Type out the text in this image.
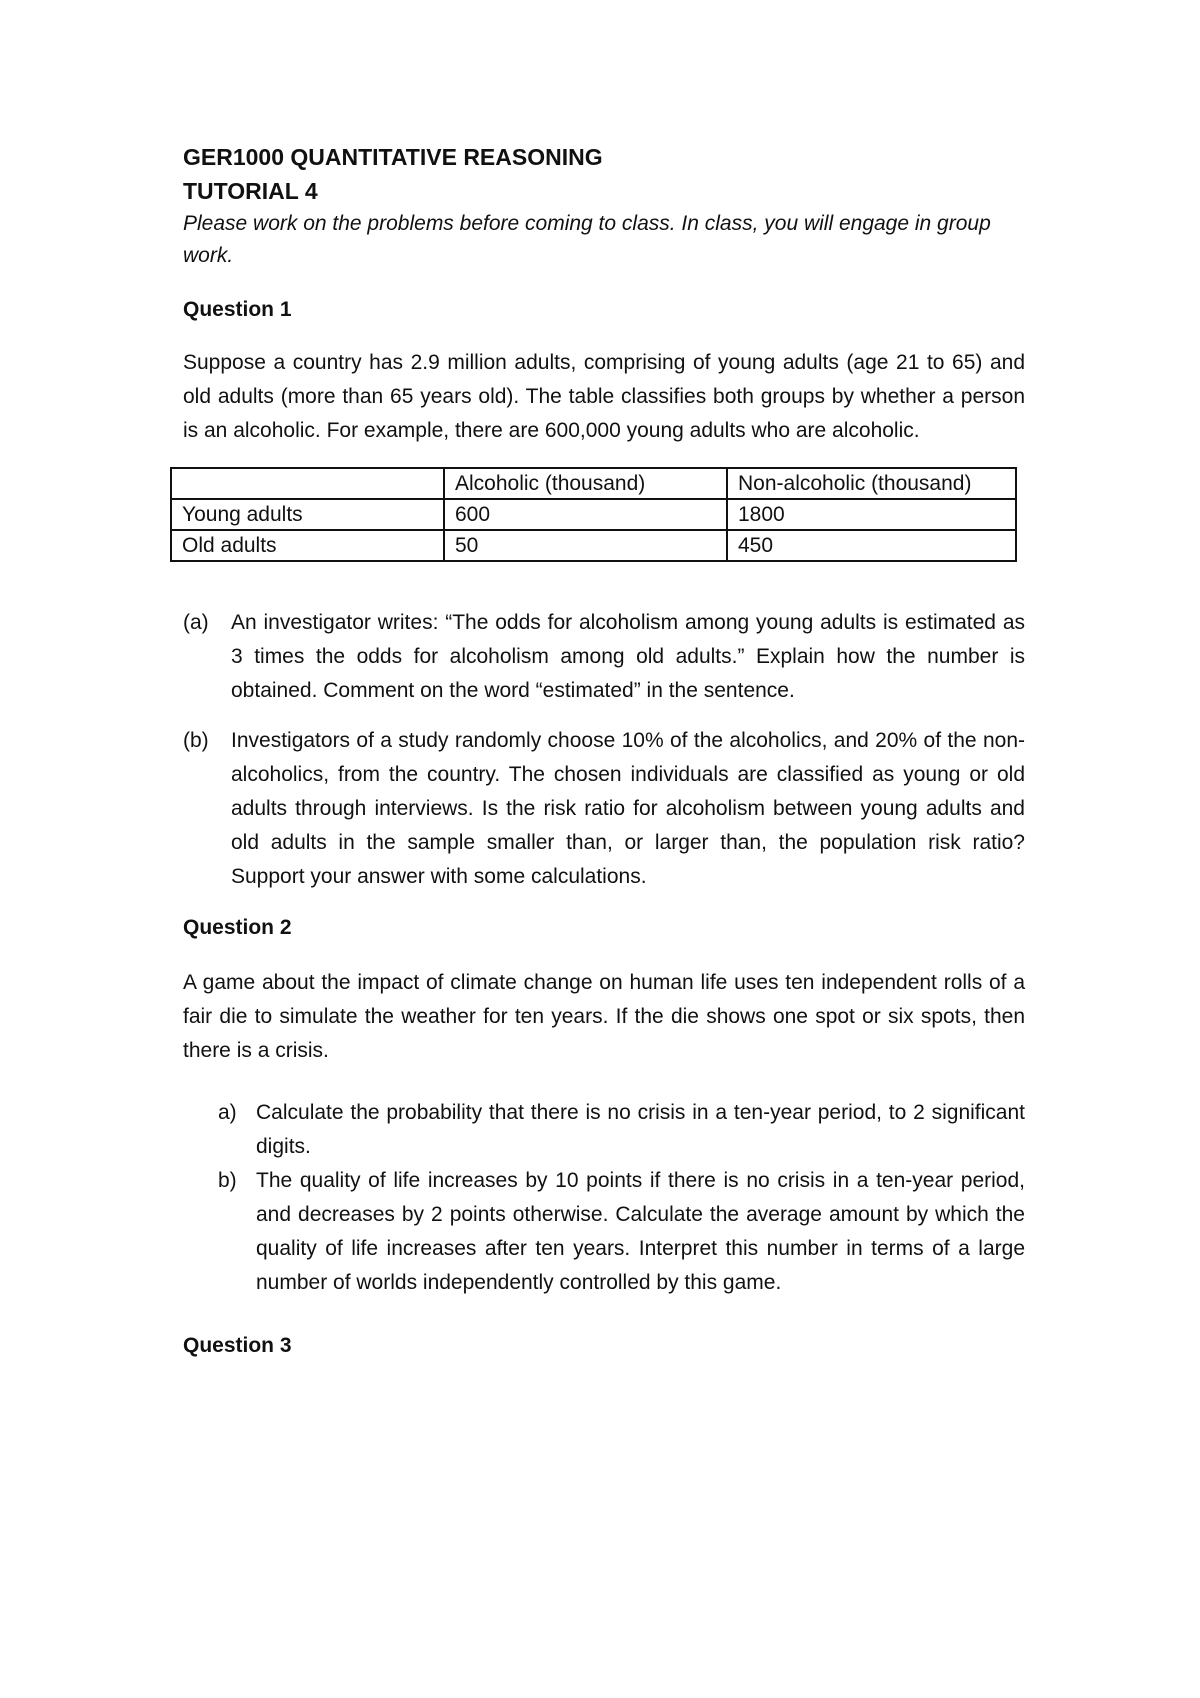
GER1000 QUANTITATIVE REASONING

TUTORIAL 4

Please work on the problems before coming to class. In class, you will engage in group work.

Question 1

Suppose a country has 2.9 million adults, comprising of young adults (age 21 to 65) and old adults (more than 65 years old). The table classifies both groups by whether a person is an alcoholic. For example, there are 600,000 young adults who are alcoholic.

	Alcoholic (thousand)	Non-alcoholic (thousand)
Young adults	600	1800
Old adults	50	450
(a) An investigator writes: “The odds for alcoholism among young adults is estimated as 3 times the odds for alcoholism among old adults.” Explain how the number is obtained. Comment on the word “estimated” in the sentence.
(b) Investigators of a study randomly choose 10% of the alcoholics, and 20% of the non-alcoholics, from the country. The chosen individuals are classified as young or old adults through interviews. Is the risk ratio for alcoholism between young adults and old adults in the sample smaller than, or larger than, the population risk ratio? Support your answer with some calculations.

Question 2

A game about the impact of climate change on human life uses ten independent rolls of a fair die to simulate the weather for ten years. If the die shows one spot or six spots, then there is a crisis.

a) Calculate the probability that there is no crisis in a ten-year period, to 2 significant digits.
b) The quality of life increases by 10 points if there is no crisis in a ten-year period, and decreases by 2 points otherwise. Calculate the average amount by which the quality of life increases after ten years. Interpret this number in terms of a large number of worlds independently controlled by this game.

Question 3
